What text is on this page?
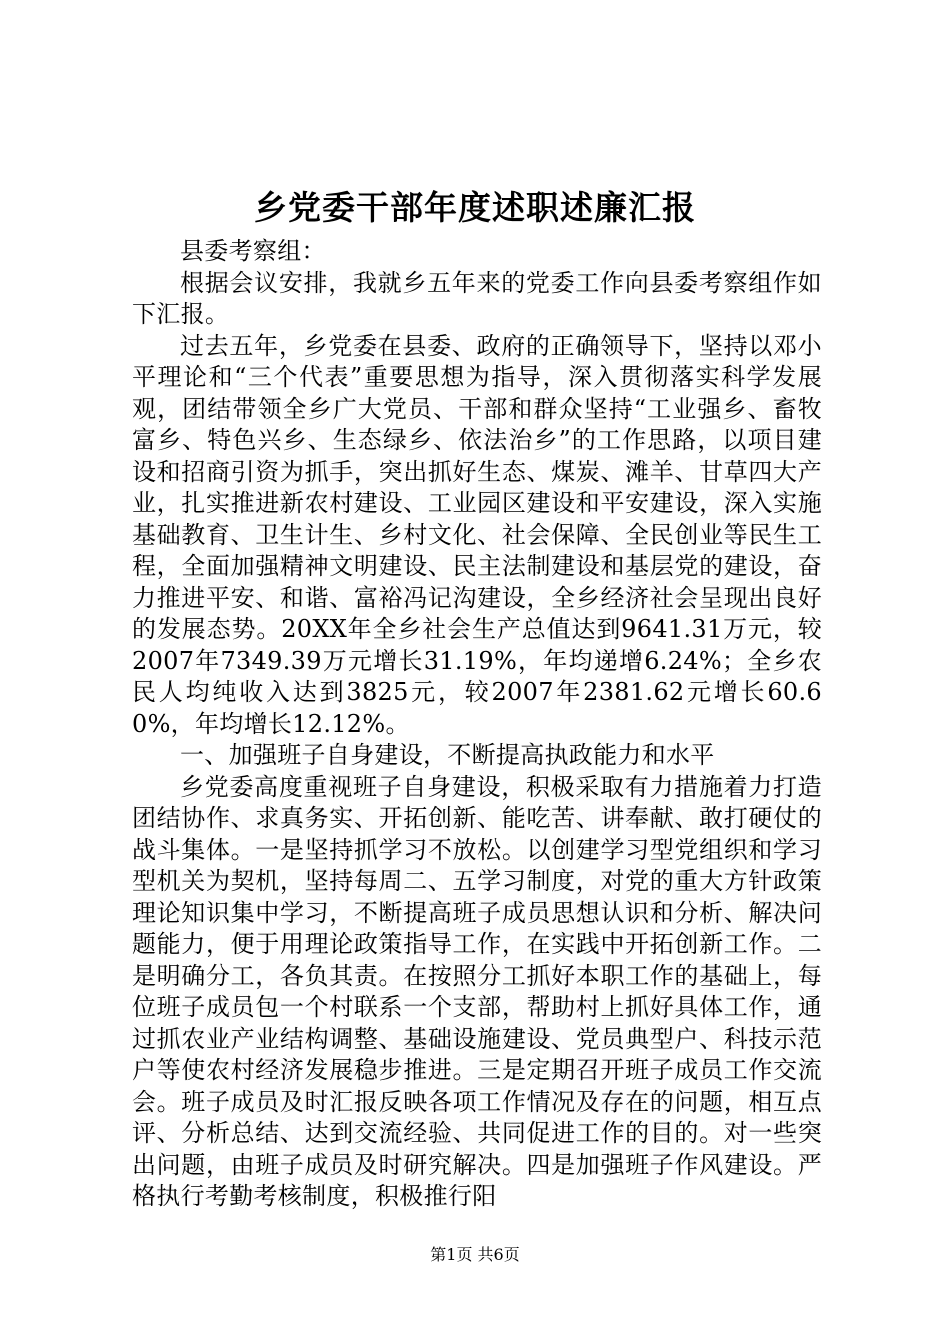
乡党委干部年度述职述廉汇报

县委考察组：

根据会议安排，我就乡五年来的党委工作向县委考察组作如下汇报。

过去五年，乡党委在县委、政府的正确领导下，坚持以邓小平理论和“三个代表”重要思想为指导，深入贯彻落实科学发展观，团结带领全乡广大党员、干部和群众坚持“工业强乡、畜牧富乡、特色兴乡、生态绿乡、依法治乡”的工作思路，以项目建设和招商引资为抓手，突出抓好生态、煤炭、滩羊、甘草四大产业，扎实推进新农村建设、工业园区建设和平安建设，深入实施基础教育、卫生计生、乡村文化、社会保障、全民创业等民生工程，全面加强精神文明建设、民主法制建设和基层党的建设，奋力推进平安、和谐、富裕冯记沟建设，全乡经济社会呈现出良好的发展态势。20XX年全乡社会生产总值达到9641.31万元，较2007年7349.39万元增长31.19%，年均递增6.24%；全乡农民人均纯收入达到3825元，较2007年2381.62元增长60.60%，年均增长12.12%。

一、加强班子自身建设，不断提高执政能力和水平

乡党委高度重视班子自身建设，积极采取有力措施着力打造团结协作、求真务实、开拓创新、能吃苦、讲奉献、敢打硬仗的战斗集体。一是坚持抓学习不放松。以创建学习型党组织和学习型机关为契机，坚持每周二、五学习制度，对党的重大方针政策理论知识集中学习，不断提高班子成员思想认识和分析、解决问题能力，便于用理论政策指导工作，在实践中开拓创新工作。二是明确分工，各负其责。在按照分工抓好本职工作的基础上，每位班子成员包一个村联系一个支部，帮助村上抓好具体工作，通过抓农业产业结构调整、基础设施建设、党员典型户、科技示范户等使农村经济发展稳步推进。三是定期召开班子成员工作交流会。班子成员及时汇报反映各项工作情况及存在的问题，相互点评、分析总结、达到交流经验、共同促进工作的目的。对一些突出问题，由班子成员及时研究解决。四是加强班子作风建设。严格执行考勤考核制度，积极推行阳

第1页 共6页
